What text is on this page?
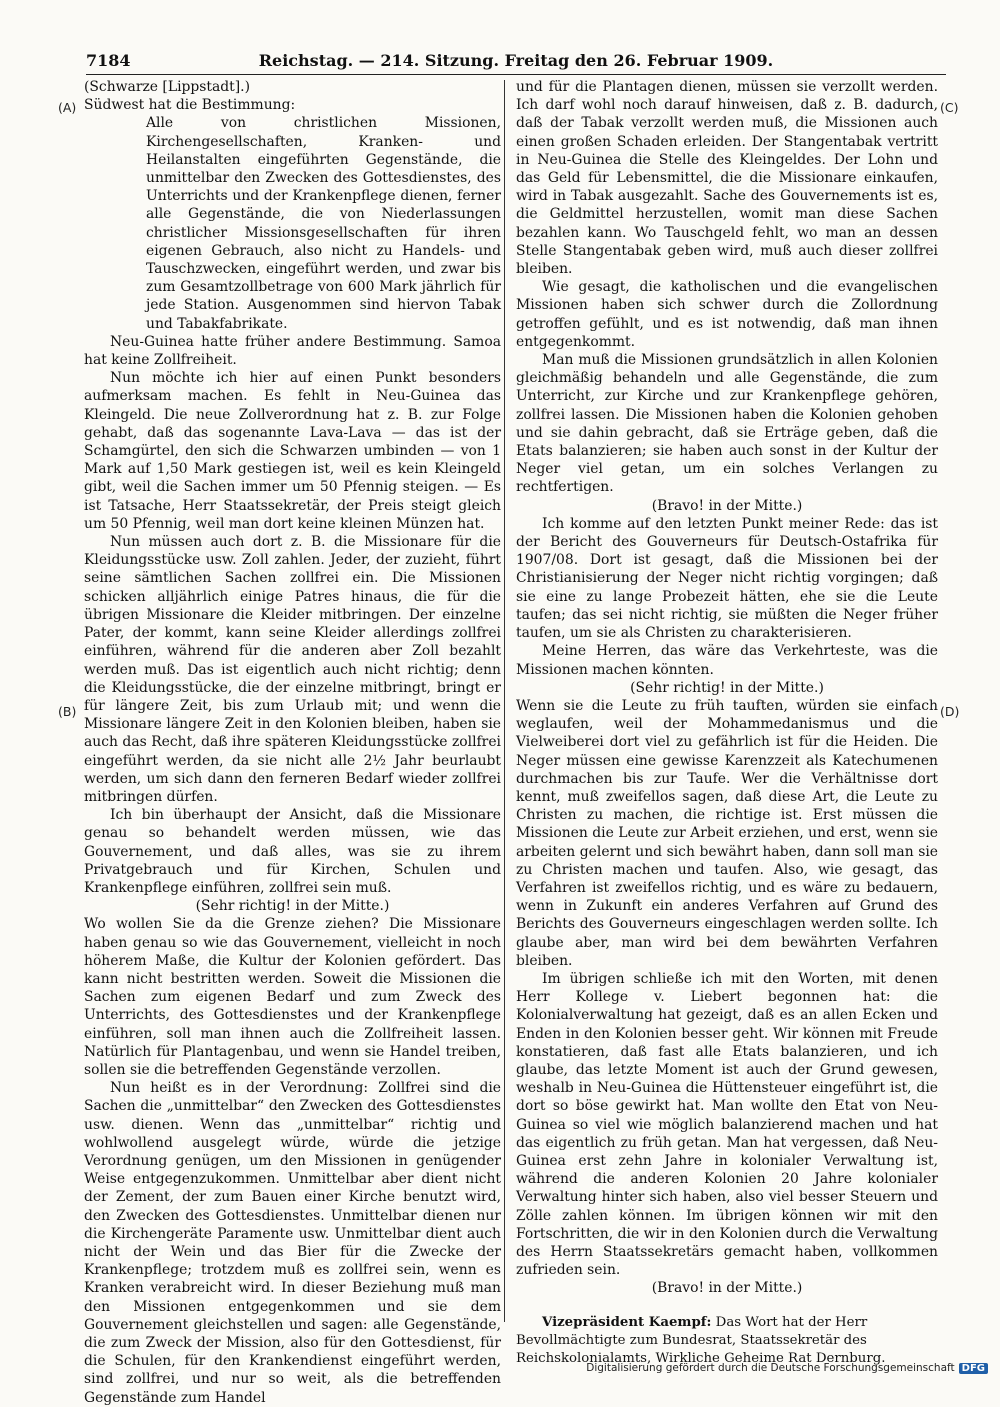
7184	Reichstag. — 214. Sitzung. Freitag den 26. Februar 1909.
(A)
(B)
(C)
(D)

(Schwarze [Lippstadt].)

Südwest hat die Bestimmung:

Alle von christlichen Missionen, Kirchengesellschaften, Kranken- und Heilanstalten eingeführten Gegenstände, die unmittelbar den Zwecken des Gottesdienstes, des Unterrichts und der Krankenpflege dienen, ferner alle Gegenstände, die von Niederlassungen christlicher Missionsgesellschaften für ihren eigenen Gebrauch, also nicht zu Handels- und Tauschzwecken, eingeführt werden, und zwar bis zum Gesamtzollbetrage von 600 Mark jährlich für jede Station. Ausgenommen sind hiervon Tabak und Tabakfabrikate.

Neu-Guinea hatte früher andere Bestimmung. Samoa hat keine Zollfreiheit.

Nun möchte ich hier auf einen Punkt besonders aufmerksam machen. Es fehlt in Neu-Guinea das Kleingeld. Die neue Zollverordnung hat z. B. zur Folge gehabt, daß das sogenannte Lava-Lava — das ist der Schamgürtel, den sich die Schwarzen umbinden — von 1 Mark auf 1,50 Mark gestiegen ist, weil es kein Kleingeld gibt, weil die Sachen immer um 50 Pfennig steigen. — Es ist Tatsache, Herr Staatssekretär, der Preis steigt gleich um 50 Pfennig, weil man dort keine kleinen Münzen hat.

Nun müssen auch dort z. B. die Missionare für die Kleidungsstücke usw. Zoll zahlen. Jeder, der zuzieht, führt seine sämtlichen Sachen zollfrei ein. Die Missionen schicken alljährlich einige Patres hinaus, die für die übrigen Missionare die Kleider mitbringen. Der einzelne Pater, der kommt, kann seine Kleider allerdings zollfrei einführen, während für die anderen aber Zoll bezahlt werden muß. Das ist eigentlich auch nicht richtig; denn die Kleidungsstücke, die der einzelne mitbringt, bringt er für längere Zeit, bis zum Urlaub mit; und wenn die Missionare längere Zeit in den Kolonien bleiben, haben sie auch das Recht, daß ihre späteren Kleidungsstücke zollfrei eingeführt werden, da sie nicht alle 2½ Jahr beurlaubt werden, um sich dann den ferneren Bedarf wieder zollfrei mitbringen dürfen.

Ich bin überhaupt der Ansicht, daß die Missionare genau so behandelt werden müssen, wie das Gouvernement, und daß alles, was sie zu ihrem Privatgebrauch und für Kirchen, Schulen und Krankenpflege einführen, zollfrei sein muß.

(Sehr richtig! in der Mitte.)

Wo wollen Sie da die Grenze ziehen? Die Missionare haben genau so wie das Gouvernement, vielleicht in noch höherem Maße, die Kultur der Kolonien gefördert. Das kann nicht bestritten werden. Soweit die Missionen die Sachen zum eigenen Bedarf und zum Zweck des Unterrichts, des Gottesdienstes und der Krankenpflege einführen, soll man ihnen auch die Zollfreiheit lassen. Natürlich für Plantagenbau, und wenn sie Handel treiben, sollen sie die betreffenden Gegenstände verzollen.

Nun heißt es in der Verordnung: Zollfrei sind die Sachen die „unmittelbar“ den Zwecken des Gottesdienstes usw. dienen. Wenn das „unmittelbar“ richtig und wohlwollend ausgelegt würde, würde die jetzige Verordnung genügen, um den Missionen in genügender Weise entgegenzukommen. Unmittelbar aber dient nicht der Zement, der zum Bauen einer Kirche benutzt wird, den Zwecken des Gottesdienstes. Unmittelbar dienen nur die Kirchengeräte Paramente usw. Unmittelbar dient auch nicht der Wein und das Bier für die Zwecke der Krankenpflege; trotzdem muß es zollfrei sein, wenn es Kranken verabreicht wird. In dieser Beziehung muß man den Missionen entgegenkommen und sie dem Gouvernement gleichstellen und sagen: alle Gegenstände, die zum Zweck der Mission, also für den Gottesdienst, für die Schulen, für den Krankendienst eingeführt werden, sind zollfrei, und nur so weit, als die betreffenden Gegenstände zum Handel

und für die Plantagen dienen, müssen sie verzollt werden. Ich darf wohl noch darauf hinweisen, daß z. B. dadurch, daß der Tabak verzollt werden muß, die Missionen auch einen großen Schaden erleiden. Der Stangentabak vertritt in Neu-Guinea die Stelle des Kleingeldes. Der Lohn und das Geld für Lebensmittel, die die Missionare einkaufen, wird in Tabak ausgezahlt. Sache des Gouvernements ist es, die Geldmittel herzustellen, womit man diese Sachen bezahlen kann. Wo Tauschgeld fehlt, wo man an dessen Stelle Stangentabak geben wird, muß auch dieser zollfrei bleiben.

Wie gesagt, die katholischen und die evangelischen Missionen haben sich schwer durch die Zollordnung getroffen gefühlt, und es ist notwendig, daß man ihnen entgegenkommt.

Man muß die Missionen grundsätzlich in allen Kolonien gleichmäßig behandeln und alle Gegenstände, die zum Unterricht, zur Kirche und zur Krankenpflege gehören, zollfrei lassen. Die Missionen haben die Kolonien gehoben und sie dahin gebracht, daß sie Erträge geben, daß die Etats balanzieren; sie haben auch sonst in der Kultur der Neger viel getan, um ein solches Verlangen zu rechtfertigen.

(Bravo! in der Mitte.)

Ich komme auf den letzten Punkt meiner Rede: das ist der Bericht des Gouverneurs für Deutsch-Ostafrika für 1907/08. Dort ist gesagt, daß die Missionen bei der Christianisierung der Neger nicht richtig vorgingen; daß sie eine zu lange Probezeit hätten, ehe sie die Leute taufen; das sei nicht richtig, sie müßten die Neger früher taufen, um sie als Christen zu charakterisieren.

Meine Herren, das wäre das Verkehrteste, was die Missionen machen könnten.

(Sehr richtig! in der Mitte.)

Wenn sie die Leute zu früh tauften, würden sie einfach weglaufen, weil der Mohammedanismus und die Vielweiberei dort viel zu gefährlich ist für die Heiden. Die Neger müssen eine gewisse Karenzzeit als Katechumenen durchmachen bis zur Taufe. Wer die Verhältnisse dort kennt, muß zweifellos sagen, daß diese Art, die Leute zu Christen zu machen, die richtige ist. Erst müssen die Missionen die Leute zur Arbeit erziehen, und erst, wenn sie arbeiten gelernt und sich bewährt haben, dann soll man sie zu Christen machen und taufen. Also, wie gesagt, das Verfahren ist zweifellos richtig, und es wäre zu bedauern, wenn in Zukunft ein anderes Verfahren auf Grund des Berichts des Gouverneurs eingeschlagen werden sollte. Ich glaube aber, man wird bei dem bewährten Verfahren bleiben.

Im übrigen schließe ich mit den Worten, mit denen Herr Kollege v. Liebert begonnen hat: die Kolonialverwaltung hat gezeigt, daß es an allen Ecken und Enden in den Kolonien besser geht. Wir können mit Freude konstatieren, daß fast alle Etats balanzieren, und ich glaube, das letzte Moment ist auch der Grund gewesen, weshalb in Neu-Guinea die Hüttensteuer eingeführt ist, die dort so böse gewirkt hat. Man wollte den Etat von Neu-Guinea so viel wie möglich balanzierend machen und hat das eigentlich zu früh getan. Man hat vergessen, daß Neu-Guinea erst zehn Jahre in kolonialer Verwaltung ist, während die anderen Kolonien 20 Jahre kolonialer Verwaltung hinter sich haben, also viel besser Steuern und Zölle zahlen können. Im übrigen können wir mit den Fortschritten, die wir in den Kolonien durch die Verwaltung des Herrn Staatssekretärs gemacht haben, vollkommen zufrieden sein.

(Bravo! in der Mitte.)

Vizepräsident Kaempf: Das Wort hat der Herr Bevollmächtigte zum Bundesrat, Staatssekretär des Reichskolonialamts, Wirkliche Geheime Rat Dernburg.

Digitalisierung gefördert durch die Deutsche Forschungsgemeinschaft DFG
